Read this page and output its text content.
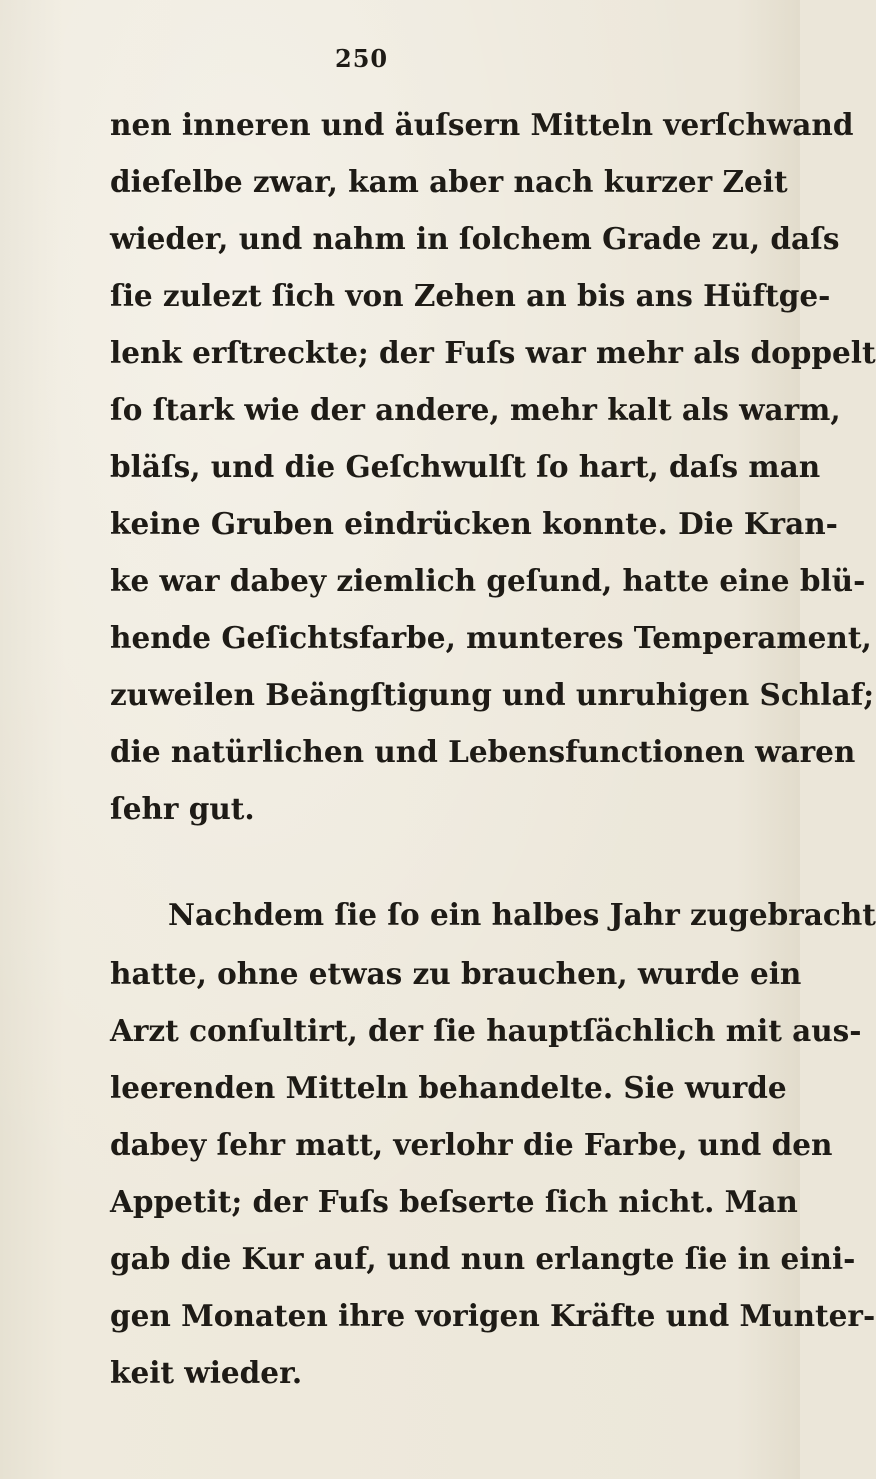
250
nen inneren und äuſsern Mitteln verſchwand
dieſelbe zwar, kam aber nach kurzer Zeit
wieder, und nahm in ſolchem Grade zu, daſs
ſie zulezt ſich von Zehen an bis ans Hüftge-
lenk erſtreckte; der Fuſs war mehr als doppelt
ſo ſtark wie der andere, mehr kalt als warm,
bläſs, und die Geſchwulſt ſo hart, daſs man
keine Gruben eindrücken konnte. Die Kran-
ke war dabey ziemlich geſund, hatte eine blü-
hende Geſichtsfarbe, munteres Temperament,
zuweilen Beängſtigung und unruhigen Schlaf;
die natürlichen und Lebensfunctionen waren
ſehr gut.
Nachdem ſie ſo ein halbes Jahr zugebracht
hatte, ohne etwas zu brauchen, wurde ein
Arzt conſultirt, der ſie hauptſächlich mit aus-
leerenden Mitteln behandelte. Sie wurde
dabey ſehr matt, verlohr die Farbe, und den
Appetit; der Fuſs beſserte ſich nicht. Man
gab die Kur auf, und nun erlangte ſie in eini-
gen Monaten ihre vorigen Kräfte und Munter-
keit wieder.
